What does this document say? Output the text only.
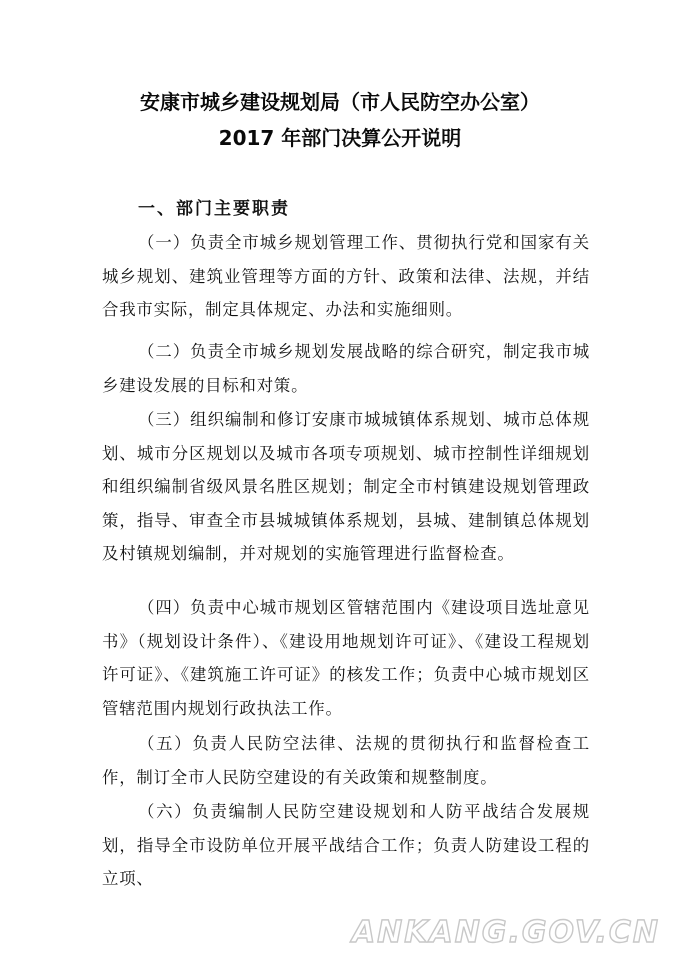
安康市城乡建设规划局（市人民防空办公室）
2017 年部门决算公开说明
一、部门主要职责

（一）负责全市城乡规划管理工作、贯彻执行党和国家有关城乡规划、建筑业管理等方面的方针、政策和法律、法规，并结合我市实际，制定具体规定、办法和实施细则。

（二）负责全市城乡规划发展战略的综合研究，制定我市城乡建设发展的目标和对策。

（三）组织编制和修订安康市城城镇体系规划、城市总体规划、城市分区规划以及城市各项专项规划、城市控制性详细规划和组织编制省级风景名胜区规划；制定全市村镇建设规划管理政策，指导、审查全市县城城镇体系规划，县城、建制镇总体规划及村镇规划编制，并对规划的实施管理进行监督检查。

（四）负责中心城市规划区管辖范围内《建设项目选址意见书》（规划设计条件）、《建设用地规划许可证》、《建设工程规划许可证》、《建筑施工许可证》的核发工作；负责中心城市规划区管辖范围内规划行政执法工作。

（五）负责人民防空法律、法规的贯彻执行和监督检查工作，制订全市人民防空建设的有关政策和规整制度。

（六）负责编制人民防空建设规划和人防平战结合发展规划，指导全市设防单位开展平战结合工作；负责人防建设工程的立项、

ANKANG.GOV.CN
